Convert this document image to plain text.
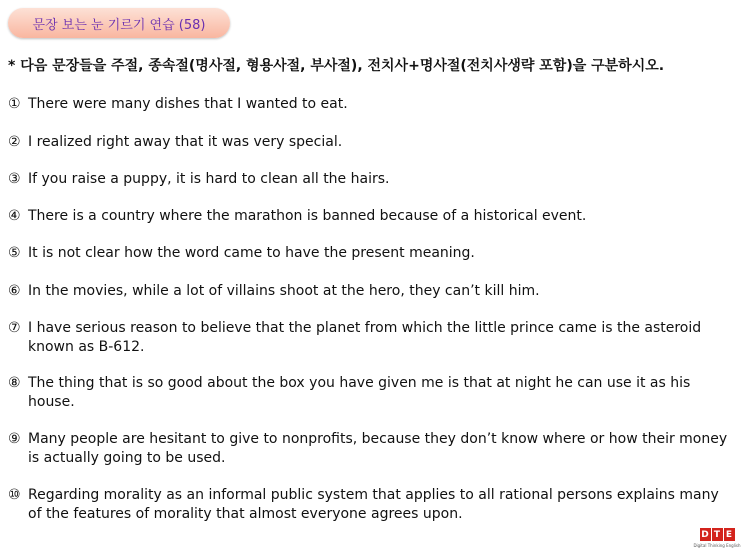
문장 보는 눈 기르기 연습 (58)
* 다음 문장들을 주절, 종속절(명사절, 형용사절, 부사절), 전치사+명사절(전치사생략 포함)을 구분하시오.
① There were many dishes that I wanted to eat.
② I realized right away that it was very special.
③ If you raise a puppy, it is hard to clean all the hairs.
④ There is a country where the marathon is banned because of a historical event.
⑤ It is not clear how the word came to have the present meaning.
⑥ In the movies, while a lot of villains shoot at the hero, they can’t kill him.
⑦ I have serious reason to believe that the planet from which the little prince came is the asteroid known as B-612.
⑧ The thing that is so good about the box you have given me is that at night he can use it as his house.
⑨ Many people are hesitant to give to nonprofits, because they don’t know where or how their money is actually going to be used.
⑩ Regarding morality as an informal public system that applies to all rational persons explains many of the features of morality that almost everyone agrees upon.
D T E
Digital Thinking English
